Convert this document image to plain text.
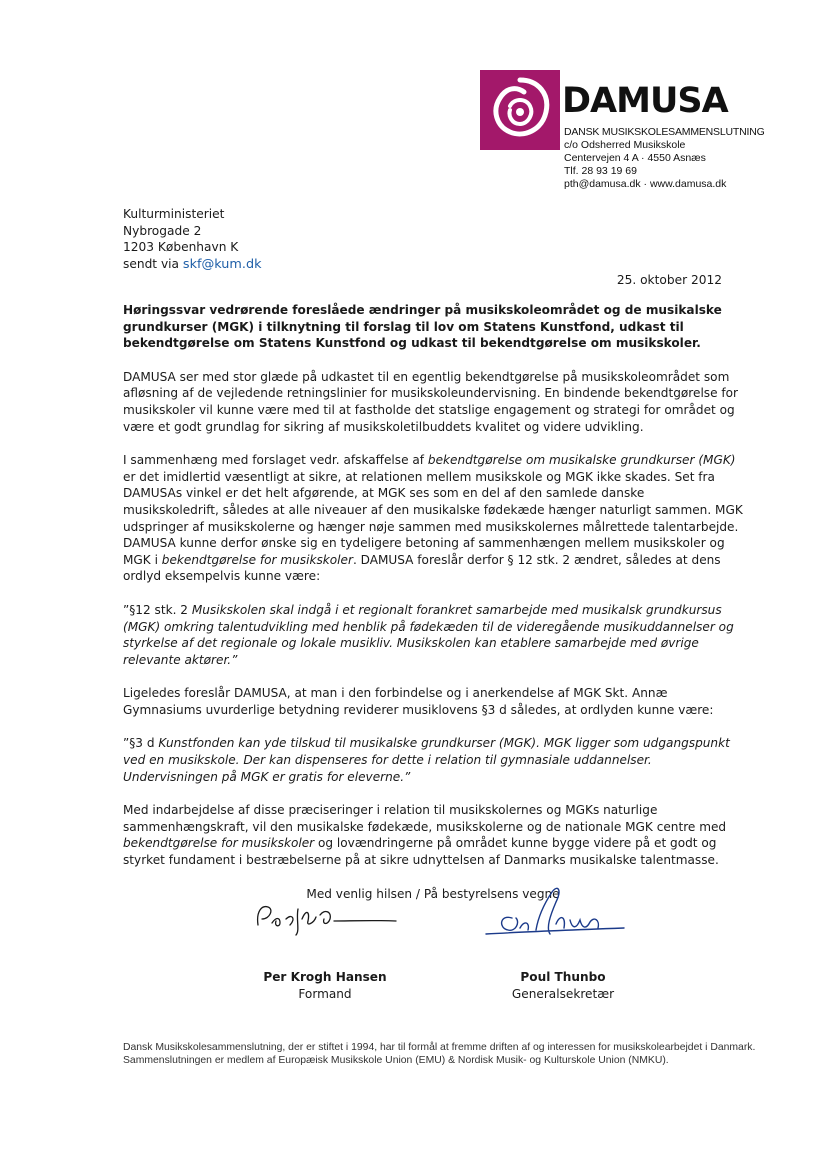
DAMUSA
DANSK MUSIKSKOLESAMMENSLUTNING
c/o Odsherred Musikskole
Centervejen 4 A · 4550 Asnæs
Tlf. 28 93 19 69
pth@damusa.dk · www.damusa.dk
Kulturministeriet
Nybrogade 2
1203 København K
sendt via skf@kum.dk
25. oktober 2012

Høringssvar vedrørende foreslåede ændringer på musikskoleområdet og de musikalske grundkurser (MGK) i tilknytning til forslag til lov om Statens Kunstfond, udkast til bekendtgørelse om Statens Kunstfond og udkast til bekendtgørelse om musikskoler.

DAMUSA ser med stor glæde på udkastet til en egentlig bekendtgørelse på musikskoleområdet som afløsning af de vejledende retningslinier for musikskoleundervisning. En bindende bekendtgørelse for musikskoler vil kunne være med til at fastholde det statslige engagement og strategi for området og være et godt grundlag for sikring af musikskoletilbuddets kvalitet og videre udvikling.

I sammenhæng med forslaget vedr. afskaffelse af bekendtgørelse om musikalske grundkurser (MGK) er det imidlertid væsentligt at sikre, at relationen mellem musikskole og MGK ikke skades. Set fra DAMUSAs vinkel er det helt afgørende, at MGK ses som en del af den samlede danske musikskoledrift, således at alle niveauer af den musikalske fødekæde hænger naturligt sammen. MGK udspringer af musikskolerne og hænger nøje sammen med musikskolernes målrettede talentarbejde. DAMUSA kunne derfor ønske sig en tydeligere betoning af sammenhængen mellem musikskoler og MGK i bekendtgørelse for musikskoler. DAMUSA foreslår derfor § 12 stk. 2 ændret, således at dens ordlyd eksempelvis kunne være:

”§12 stk. 2 Musikskolen skal indgå i et regionalt forankret samarbejde med musikalsk grundkursus (MGK) omkring talentudvikling med henblik på fødekæden til de videregående musikuddannelser og styrkelse af det regionale og lokale musikliv. Musikskolen kan etablere samarbejde med øvrige relevante aktører.”

Ligeledes foreslår DAMUSA, at man i den forbindelse og i anerkendelse af MGK Skt. Annæ Gymnasiums uvurderlige betydning reviderer musiklovens §3 d således, at ordlyden kunne være:

”§3 d Kunstfonden kan yde tilskud til musikalske grundkurser (MGK). MGK ligger som udgangspunkt ved en musikskole. Der kan dispenseres for dette i relation til gymnasiale uddannelser. Undervisningen på MGK er gratis for eleverne.”

Med indarbejdelse af disse præciseringer i relation til musikskolernes og MGKs naturlige sammenhængskraft, vil den musikalske fødekæde, musikskolerne og de nationale MGK centre med bekendtgørelse for musikskoler og lovændringerne på området kunne bygge videre på et godt og styrket fundament i bestræbelserne på at sikre udnyttelsen af Danmarks musikalske talentmasse.

Med venlig hilsen / På bestyrelsens vegne

Per Krogh Hansen
Formand
Poul Thunbo
Generalsekretær
Dansk Musikskolesammenslutning, der er stiftet i 1994, har til formål at fremme driften af og interessen for musikskolearbejdet i Danmark.
Sammenslutningen er medlem af Europæisk Musikskole Union (EMU) & Nordisk Musik- og Kulturskole Union (NMKU).
